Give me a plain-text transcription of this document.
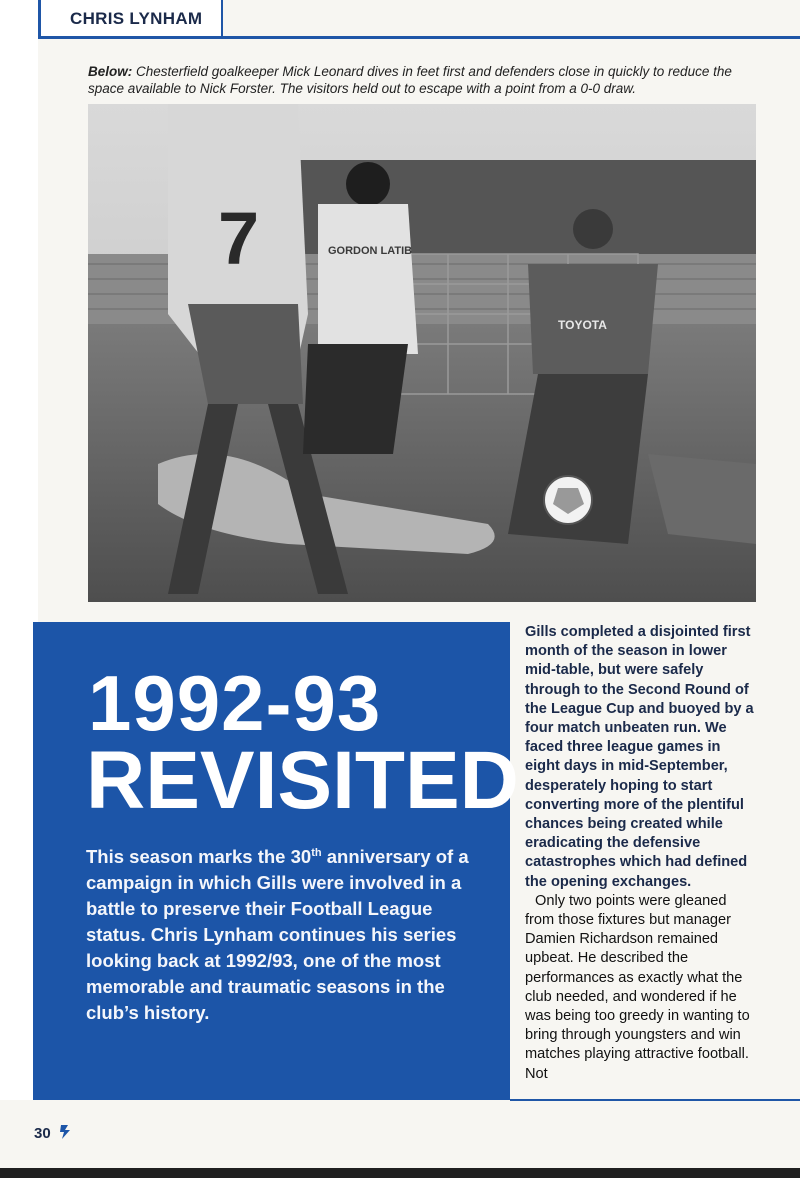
CHRIS LYNHAM
Below: Chesterfield goalkeeper Mick Leonard dives in feet first and defenders close in quickly to reduce the space available to Nick Forster. The visitors held out to escape with a point from a 0-0 draw.
7	GORDON LATIB
TOYOTA
1992-93
REVISITED
This season marks the 30th anniversary of a campaign in which Gills were involved in a battle to preserve their Football League status. Chris Lynham continues his series looking back at 1992/93, one of the most memorable and traumatic seasons in the club’s history.

Gills completed a disjointed first month of the season in lower mid-table, but were safely through to the Second Round of the League Cup and buoyed by a four match unbeaten run. We faced three league games in eight days in mid-September, desperately hoping to start converting more of the plentiful chances being created while eradicating the defensive catastrophes which had defined the opening exchanges.

Only two points were gleaned from those fixtures but manager Damien Richardson remained upbeat. He described the performances as exactly what the club needed, and wondered if he was being too greedy in wanting to bring through youngsters and win matches playing attractive football. Not

30
